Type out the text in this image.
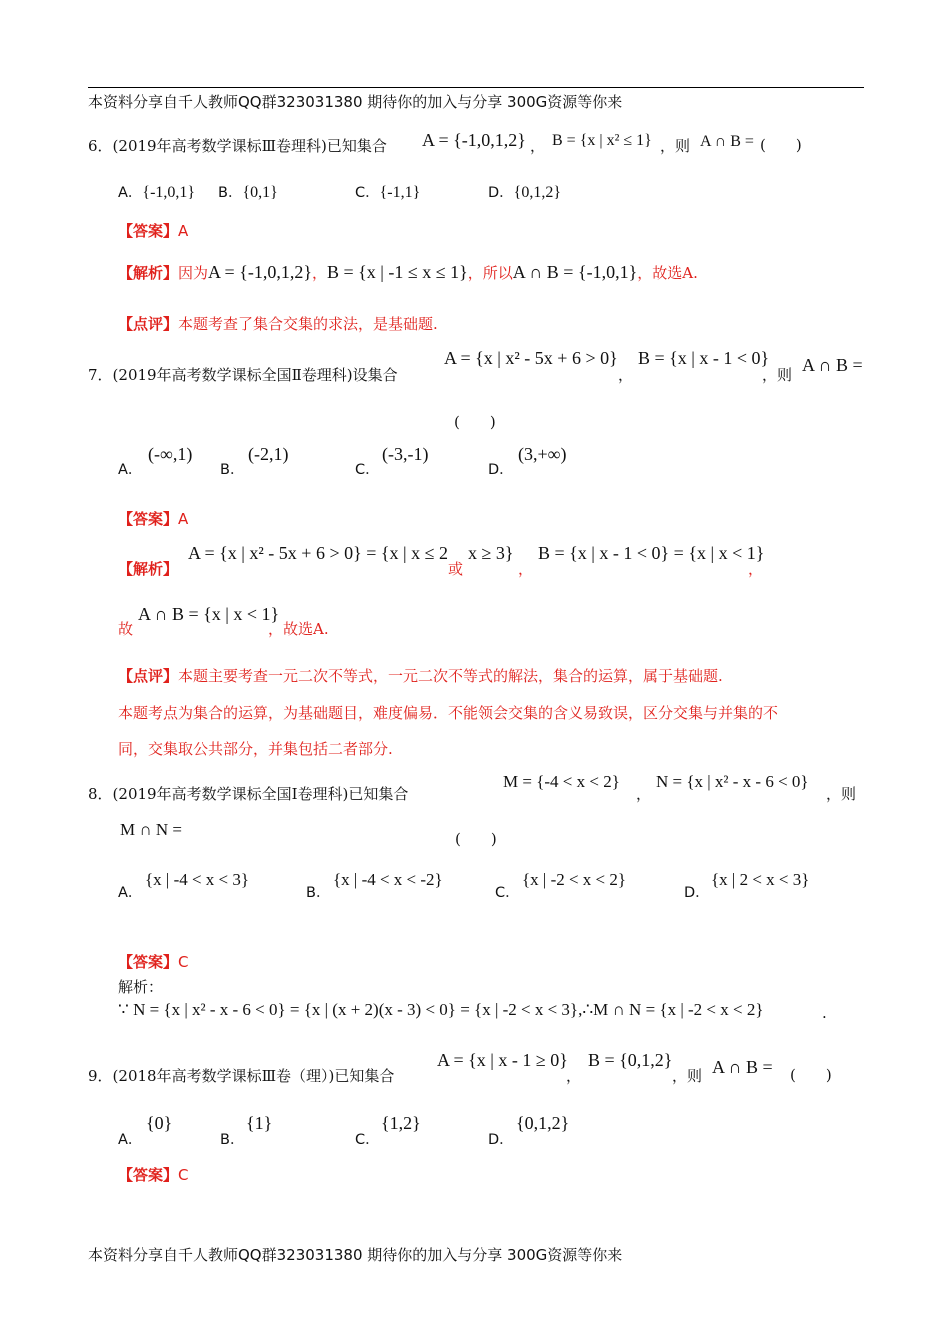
本资料分享自千人教师QQ群323031380 期待你的加入与分享 300G资源等你来
6．(2019年高考数学课标Ⅲ卷理科)已知集合 A = {-1,0,1,2} ， B = {x | x² ≤ 1} ，则 A ∩ B = (　　)
A．{-1,0,1} B．{0,1}	C．{-1,1}	D．{0,1,2}
【答案】A
【解析】因为A = {-1,0,1,2}，B = {x | -1 ≤ x ≤ 1}，所以A ∩ B = {-1,0,1}，故选A.
【点评】本题考查了集合交集的求法，是基础题.
7．(2019年高考数学课标全国Ⅱ卷理科)设集合
A = {x | x² - 5x + 6 > 0}
，
B = {x | x - 1 < 0}
，则 A ∩ B =
(　　)
A．
(-∞,1)
B．
(-2,1)
C．
(-3,-1)
D．
(3,+∞)
【答案】A
【解析】
A = {x | x² - 5x + 6 > 0} = {x | x ≤ 2
或
x ≥ 3}
，
B = {x | x - 1 < 0} = {x | x < 1}
，
故
A ∩ B = {x | x < 1}
，故选A.
【点评】本题主要考查一元二次不等式，一元二次不等式的解法，集合的运算，属于基础题.
本题考点为集合的运算，为基础题目，难度偏易．不能领会交集的含义易致误，区分交集与并集的不
同，交集取公共部分，并集包括二者部分.
8．(2019年高考数学课标全国Ⅰ卷理科)已知集合
M = {-4 < x < 2}
，
N = {x | x² - x - 6 < 0}
，则
M ∩ N =	(　　)
A．
{x | -4 < x < 3}
B．
{x | -4 < x < -2}
C．
{x | -2 < x < 2}
D．
{x | 2 < x < 3}
【答案】C
解析：
∵ N = {x | x² - x - 6 < 0} = {x | (x + 2)(x - 3) < 0} = {x | -2 < x < 3},∴M ∩ N = {x | -2 < x < 2}	.
9．(2018年高考数学课标Ⅲ卷（理）)已知集合
A = {x | x - 1 ≥ 0}
，
B = {0,1,2}
，则 A ∩ B = (　　)
A．
{0}
B．
{1}
C．
{1,2}
D．
{0,1,2}
【答案】C
本资料分享自千人教师QQ群323031380 期待你的加入与分享 300G资源等你来
